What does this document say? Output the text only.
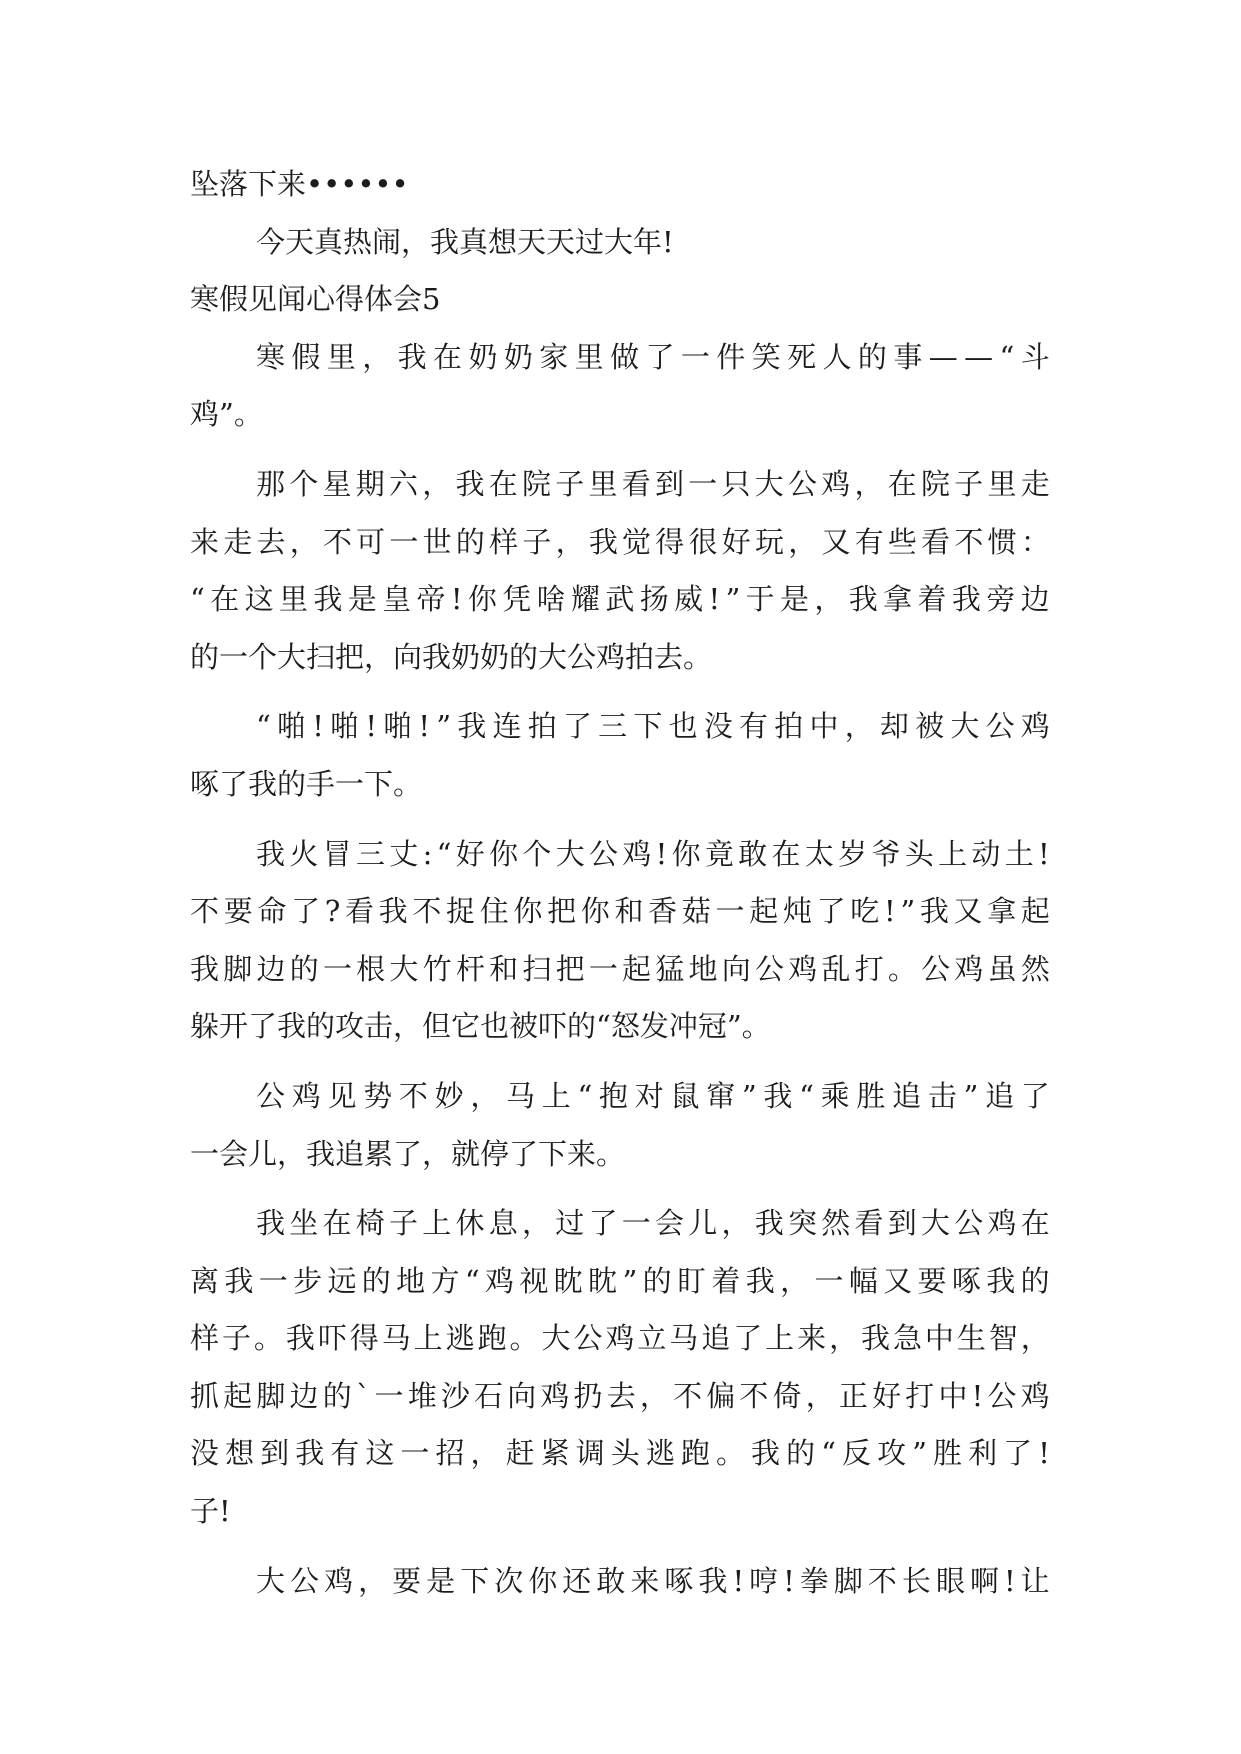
坠落下来••••••
今天真热闹，我真想天天过大年!
寒假见闻心得体会5
寒 假 里 ， 我 在 奶 奶 家 里 做 了 一 件 笑 死 人 的 事 — — “ 斗
鸡”。
那 个 星 期 六 ， 我 在 院 子 里 看 到 一 只 大 公 鸡 ， 在 院 子 里 走
来 走 去 ， 不 可 一 世 的 样 子 ， 我 觉 得 很 好 玩 ， 又 有 些 看 不 惯 ：
“ 在 这 里 我 是 皇 帝 ! 你 凭 啥 耀 武 扬 威 ! ” 于 是 ， 我 拿 着 我 旁 边
的一个大扫把，向我奶奶的大公鸡拍去。
“ 啪 ! 啪 ! 啪 ! ” 我 连 拍 了 三 下 也 没 有 拍 中 ， 却 被 大 公 鸡
啄了我的手一下。
我 火 冒 三 丈 : “ 好 你 个 大 公 鸡 ! 你 竟 敢 在 太 岁 爷 头 上 动 土 !
不 要 命 了 ? 看 我 不 捉 住 你 把 你 和 香 菇 一 起 炖 了 吃 ! ” 我 又 拿 起
我 脚 边 的 一 根 大 竹 杆 和 扫 把 一 起 猛 地 向 公 鸡 乱 打 。 公 鸡 虽 然
躲开了我的攻击，但它也被吓的“怒发冲冠”。
公 鸡 见 势 不 妙 ， 马 上 “ 抱 对 鼠 窜 ” 我 “ 乘 胜 追 击 ” 追 了
一会儿，我追累了，就停了下来。
我 坐 在 椅 子 上 休 息 ， 过 了 一 会 儿 ， 我 突 然 看 到 大 公 鸡 在
离 我 一 步 远 的 地 方 “ 鸡 视 眈 眈 ” 的 盯 着 我 ， 一 幅 又 要 啄 我 的
样 子 。 我 吓 得 马 上 逃 跑 。 大 公 鸡 立 马 追 了 上 来 ， 我 急 中 生 智 ，
抓 起 脚 边 的 ` 一 堆 沙 石 向 鸡 扔 去 ， 不 偏 不 倚 ， 正 好 打 中 ! 公 鸡
没 想 到 我 有 这 一 招 ， 赶 紧 调 头 逃 跑 。 我 的 “ 反 攻 ” 胜 利 了 !
子!
大 公 鸡 ， 要 是 下 次 你 还 敢 来 啄 我 ! 哼 ! 拳 脚 不 长 眼 啊 ! 让
